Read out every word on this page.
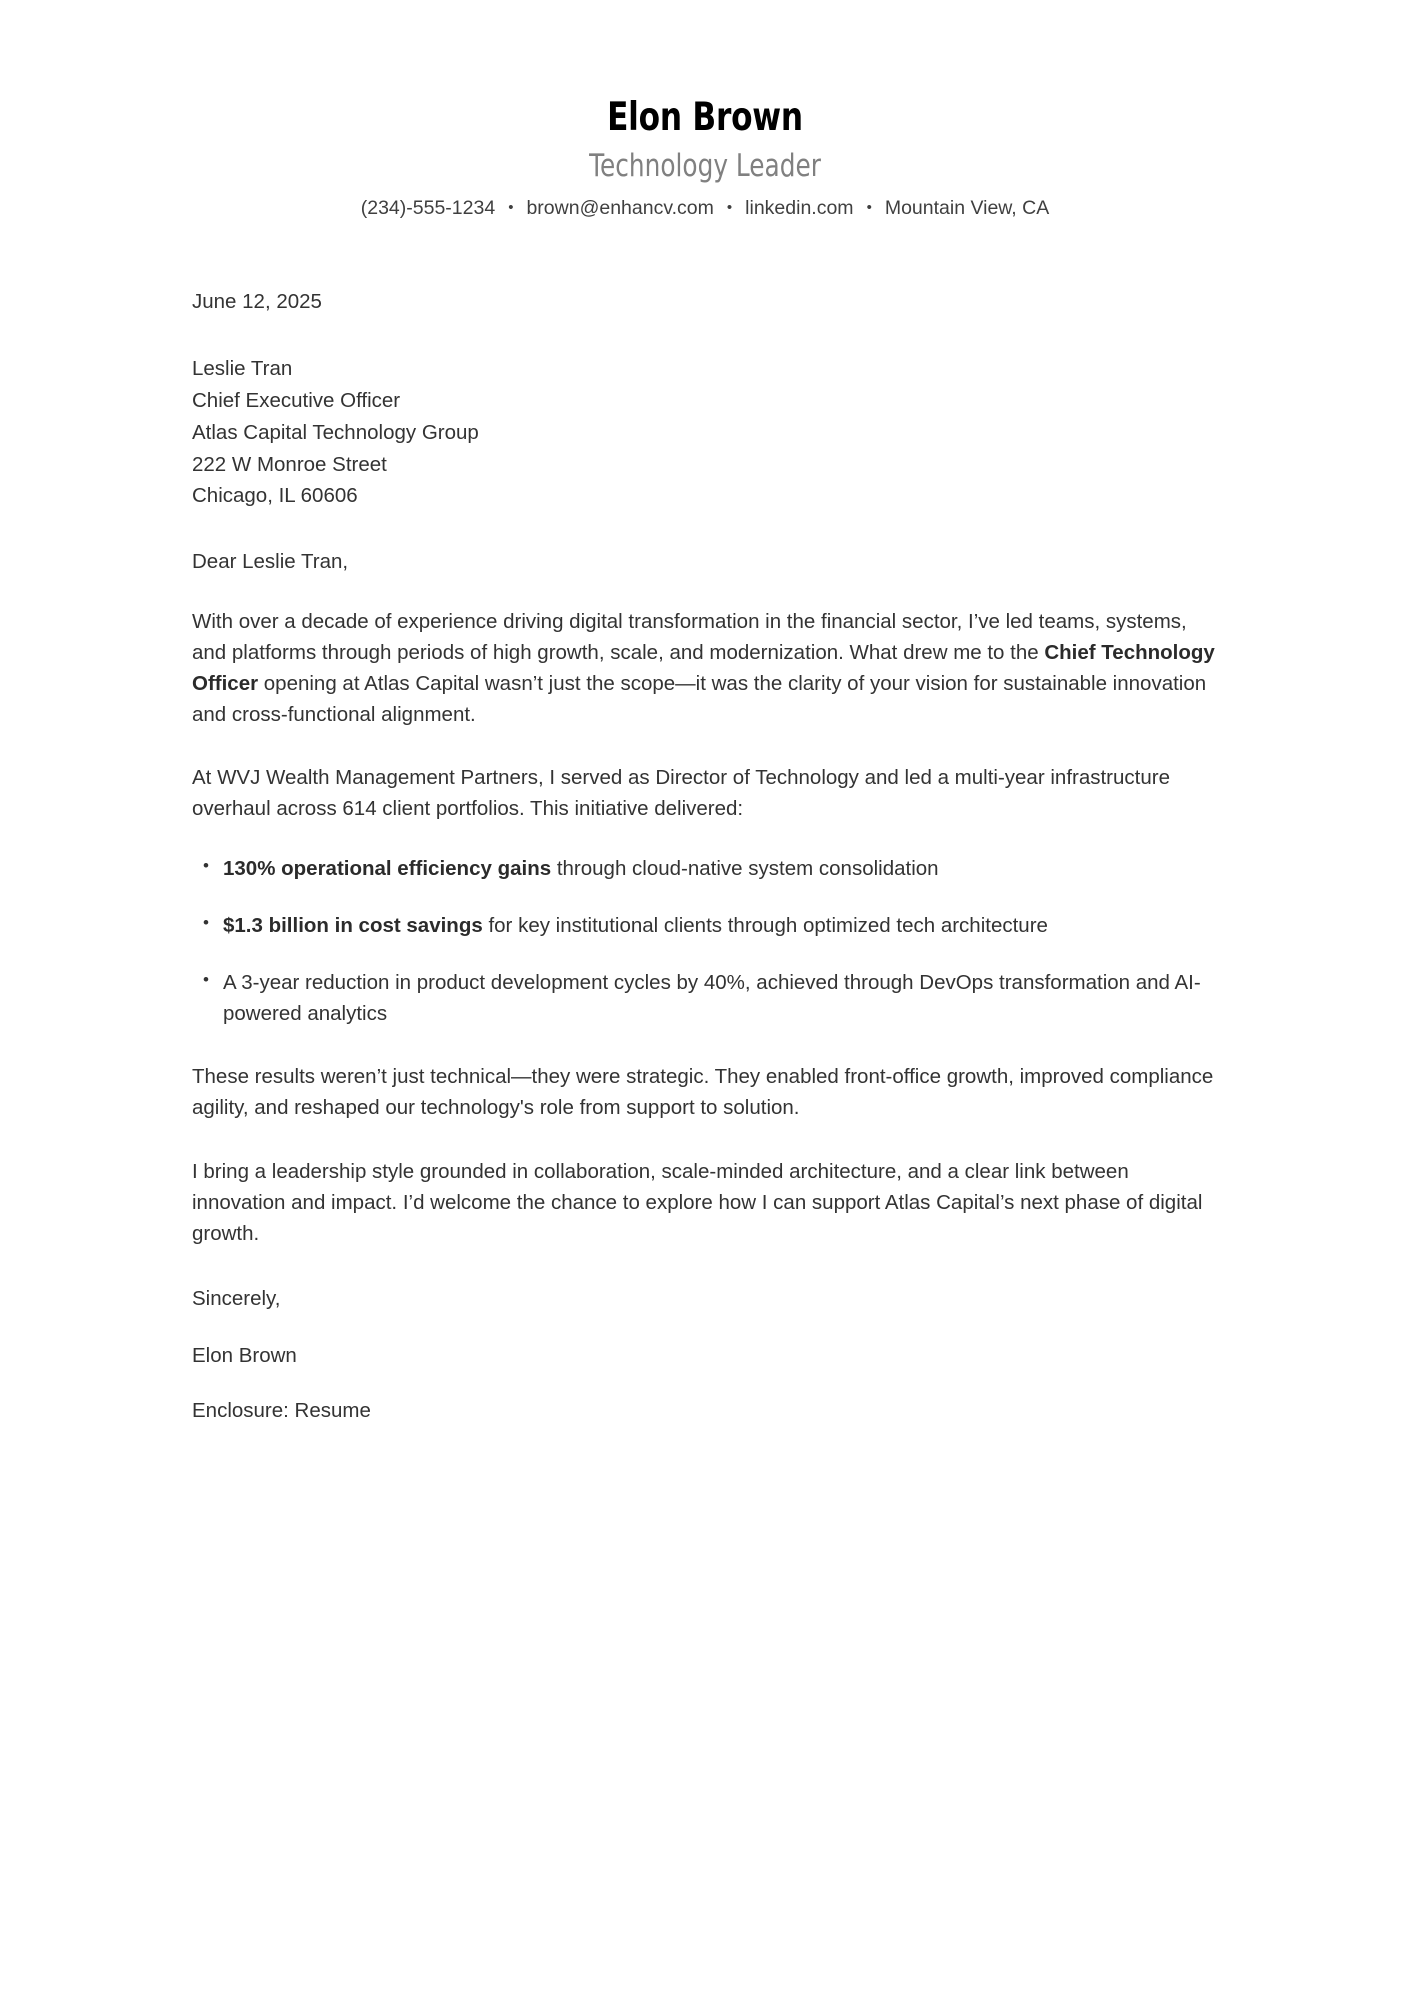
Elon Brown
Technology Leader
(234)-555-1234 • brown@enhancv.com • linkedin.com • Mountain View, CA
June 12, 2025
Leslie Tran
Chief Executive Officer
Atlas Capital Technology Group
222 W Monroe Street
Chicago, IL 60606
Dear Leslie Tran,
With over a decade of experience driving digital transformation in the financial sector, I’ve led teams, systems, and platforms through periods of high growth, scale, and modernization. What drew me to the Chief Technology Officer opening at Atlas Capital wasn’t just the scope—it was the clarity of your vision for sustainable innovation and cross-functional alignment.
At WVJ Wealth Management Partners, I served as Director of Technology and led a multi-year infrastructure overhaul across 614 client portfolios. This initiative delivered:
• 130% operational efficiency gains through cloud-native system consolidation
• $1.3 billion in cost savings for key institutional clients through optimized tech architecture
• A 3-year reduction in product development cycles by 40%, achieved through DevOps transformation and AI-powered analytics
These results weren’t just technical—they were strategic. They enabled front-office growth, improved compliance agility, and reshaped our technology's role from support to solution.
I bring a leadership style grounded in collaboration, scale-minded architecture, and a clear link between innovation and impact. I’d welcome the chance to explore how I can support Atlas Capital’s next phase of digital growth.
Sincerely,
Elon Brown
Enclosure: Resume
